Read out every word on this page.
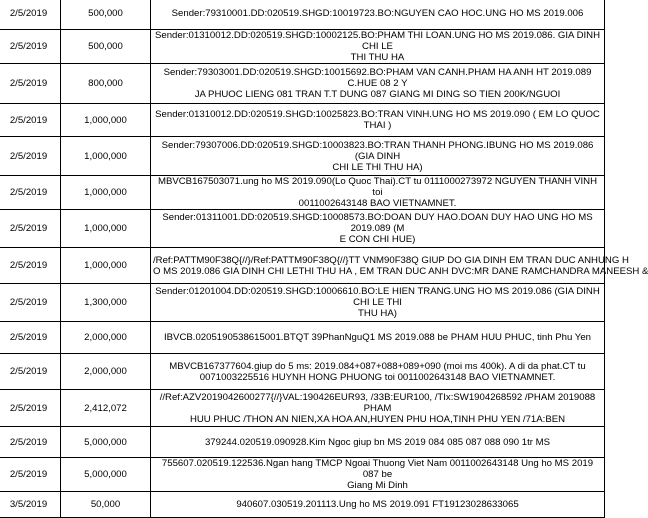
2/5/2019	500,000	Sender:79310001.DD:020519.SHGD:10019723.BO:NGUYEN CAO HOC.UNG HO MS 2019.006

2/5/2019	500,000	Sender:01310012.DD:020519.SHGD:10002125.BO:PHAM THI LOAN.UNG HO MS 2019.086. GIA DINH CHI LE
THI THU HA

2/5/2019	800,000	Sender:79303001.DD:020519.SHGD:10015692.BO:PHAM VAN CANH.PHAM HA ANH HT 2019.089 C.HUE 08 2 Y
JA PHUOC LIENG 081 TRAN T.T DUNG 087 GIANG MI DING SO TIEN 200K/NGUOI

2/5/2019	1,000,000	Sender:01310012.DD:020519.SHGD:10025823.BO:TRAN VINH.UNG HO MS 2019.090 ( EM LO QUOC THAI )

2/5/2019	1,000,000	Sender:79307006.DD:020519.SHGD:10003823.BO:TRAN THANH PHONG.IBUNG HO MS 2019.086 (GIA DINH
CHI LE THI THU HA)

2/5/2019	1,000,000	MBVCB167503071.ung ho MS 2019.090(Lo Quoc Thai).CT tu 0111000273972 NGUYEN THANH VINH toi
0011002643148 BAO VIETNAMNET.

2/5/2019	1,000,000	Sender:01311001.DD:020519.SHGD:10008573.BO:DOAN DUY HAO.DOAN DUY HAO UNG HO MS 2019.089 (M
E CON CHI HUE)

2/5/2019	1,000,000	/Ref:PATTM90F38Q{//}/Ref:PATTM90F38Q{//}TT VNM90F38Q GIUP DO GIA DINH EM TRAN DUC ANHUNG H
O MS 2019.086 GIA DINH CHI LETHI THU HA , EM TRAN DUC ANH DVC:MR DANE RAMCHANDRA MANEESH &

2/5/2019	1,300,000	Sender:01201004.DD:020519.SHGD:10006610.BO:LE HIEN TRANG.UNG HO MS 2019.086 (GIA DINH CHI LE THI
THU HA)

2/5/2019	2,000,000	IBVCB.0205190538615001.BTQT 39PhanNguQ1 MS 2019.088 be PHAM HUU PHUC, tinh Phu Yen

2/5/2019	2,000,000	MBVCB167377604.giup do 5 ms: 2019.084+087+088+089+090 (moi ms 400k). A di da phat.CT tu
0071003225516 HUYNH HONG PHUONG toi 0011002643148 BAO VIETNAMNET.

2/5/2019	2,412,072	//Ref:AZV2019042600277{//}VAL:190426EUR93, /33B:EUR100, /TIx:SW1904268592 /PHAM 2019088 PHAM
HUU PHUC /THON AN NIEN,XA HOA AN,HUYEN PHU HOA,TINH PHU YEN /71A:BEN

2/5/2019	5,000,000	379244.020519.090928.Kim Ngoc giup bn MS 2019 084 085 087 088 090 1tr MS

2/5/2019	5,000,000	755607.020519.122536.Ngan hang TMCP Ngoai Thuong Viet Nam 0011002643148 Ung ho MS 2019 087 be
Giang Mi Dinh

3/5/2019	50,000	940607.030519.201113.Ung ho MS 2019.091 FT19123028633065
